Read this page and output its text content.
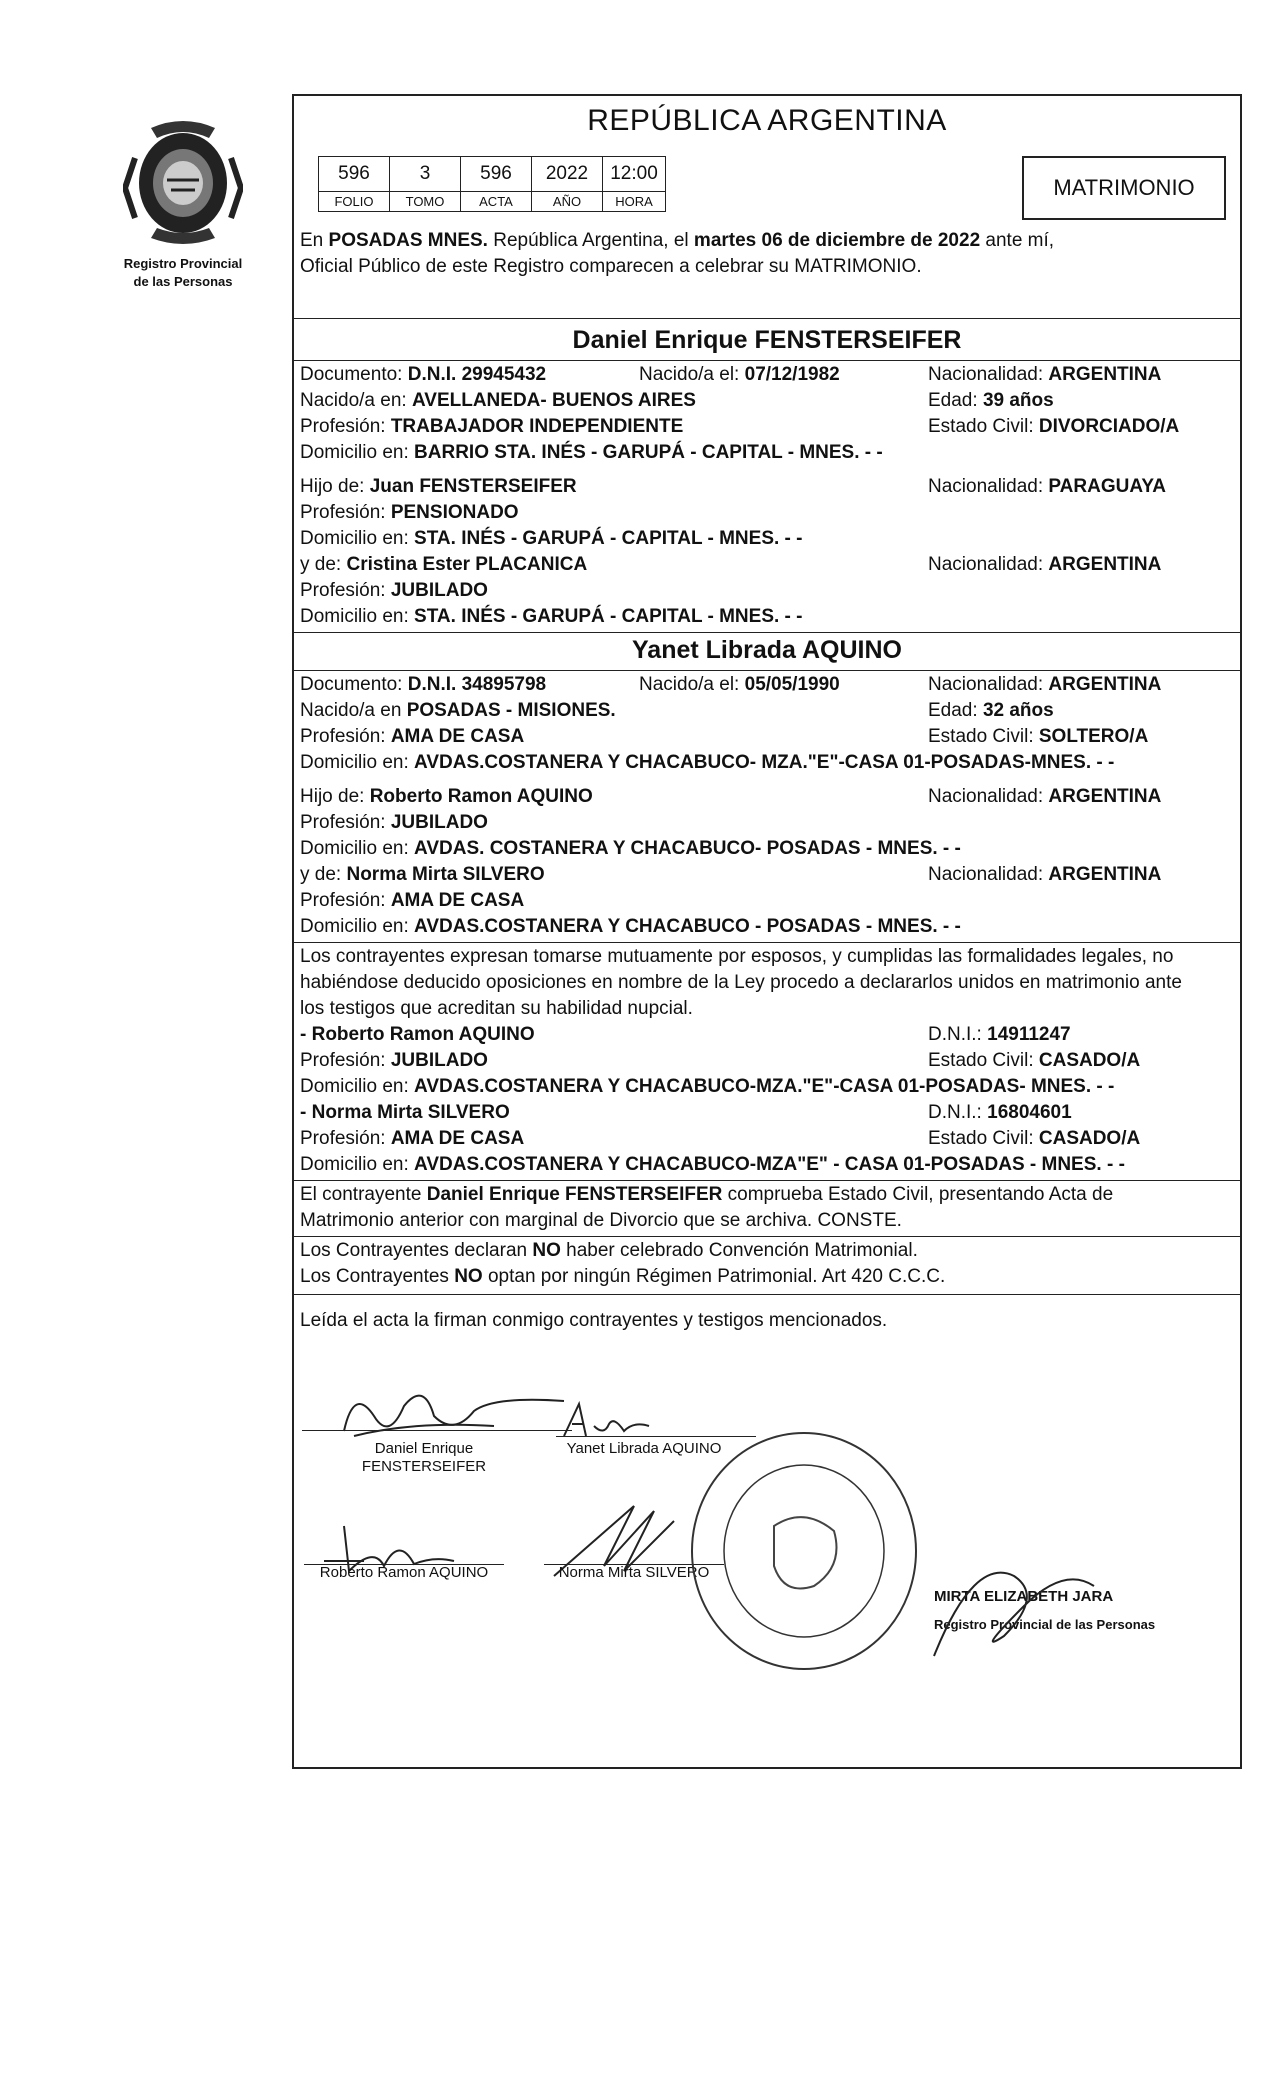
Registro Provincial
de las Personas
REPÚBLICA ARGENTINA
596	3	596	2022	12:00
FOLIO	TOMO	ACTA	AÑO	HORA
MATRIMONIO
En POSADAS MNES. República Argentina, el martes 06 de diciembre de 2022 ante mí,
Oficial Público de este Registro comparecen a celebrar su MATRIMONIO.
Daniel Enrique FENSTERSEIFER
Documento: D.N.I. 29945432	Nacido/a el: 07/12/1982	Nacionalidad: ARGENTINA
Nacido/a en: AVELLANEDA- BUENOS AIRES	Edad: 39 años
Profesión: TRABAJADOR INDEPENDIENTE	Estado Civil: DIVORCIADO/A
Domicilio en: BARRIO STA. INÉS - GARUPÁ - CAPITAL - MNES. - -
Hijo de: Juan FENSTERSEIFER	Nacionalidad: PARAGUAYA
Profesión: PENSIONADO
Domicilio en: STA. INÉS - GARUPÁ - CAPITAL - MNES. - -
y de: Cristina Ester PLACANICA	Nacionalidad: ARGENTINA
Profesión: JUBILADO
Domicilio en: STA. INÉS - GARUPÁ - CAPITAL - MNES. - -
Yanet Librada AQUINO
Documento: D.N.I. 34895798	Nacido/a el: 05/05/1990	Nacionalidad: ARGENTINA
Nacido/a en POSADAS - MISIONES.	Edad: 32 años
Profesión: AMA DE CASA	Estado Civil: SOLTERO/A
Domicilio en: AVDAS.COSTANERA Y CHACABUCO- MZA."E"-CASA 01-POSADAS-MNES. - -
Hijo de: Roberto Ramon AQUINO	Nacionalidad: ARGENTINA
Profesión: JUBILADO
Domicilio en: AVDAS. COSTANERA Y CHACABUCO- POSADAS - MNES. - -
y de: Norma Mirta SILVERO	Nacionalidad: ARGENTINA
Profesión: AMA DE CASA
Domicilio en: AVDAS.COSTANERA Y CHACABUCO - POSADAS - MNES. - -
Los contrayentes expresan tomarse mutuamente por esposos, y cumplidas las formalidades legales, no
habiéndose deducido oposiciones en nombre de la Ley procedo a declararlos unidos en matrimonio ante
los testigos que acreditan su habilidad nupcial.
- Roberto Ramon AQUINO	D.N.I.: 14911247
Profesión: JUBILADO	Estado Civil: CASADO/A
Domicilio en: AVDAS.COSTANERA Y CHACABUCO-MZA."E"-CASA 01-POSADAS- MNES. - -
- Norma Mirta SILVERO	D.N.I.: 16804601
Profesión: AMA DE CASA	Estado Civil: CASADO/A
Domicilio en: AVDAS.COSTANERA Y CHACABUCO-MZA"E" - CASA 01-POSADAS - MNES. - -
El contrayente Daniel Enrique FENSTERSEIFER comprueba Estado Civil, presentando Acta de
Matrimonio anterior con marginal de Divorcio que se archiva. CONSTE.
Los Contrayentes declaran NO haber celebrado Convención Matrimonial.
Los Contrayentes NO optan por ningún Régimen Patrimonial. Art 420 C.C.C.
Leída el acta la firman conmigo contrayentes y testigos mencionados.
Daniel Enrique
FENSTERSEIFER
Yanet Librada AQUINO
Roberto Ramon AQUINO	Norma Mirta SILVERO
MIRTA ELIZABETH JARA
Registro Provincial de las Personas
